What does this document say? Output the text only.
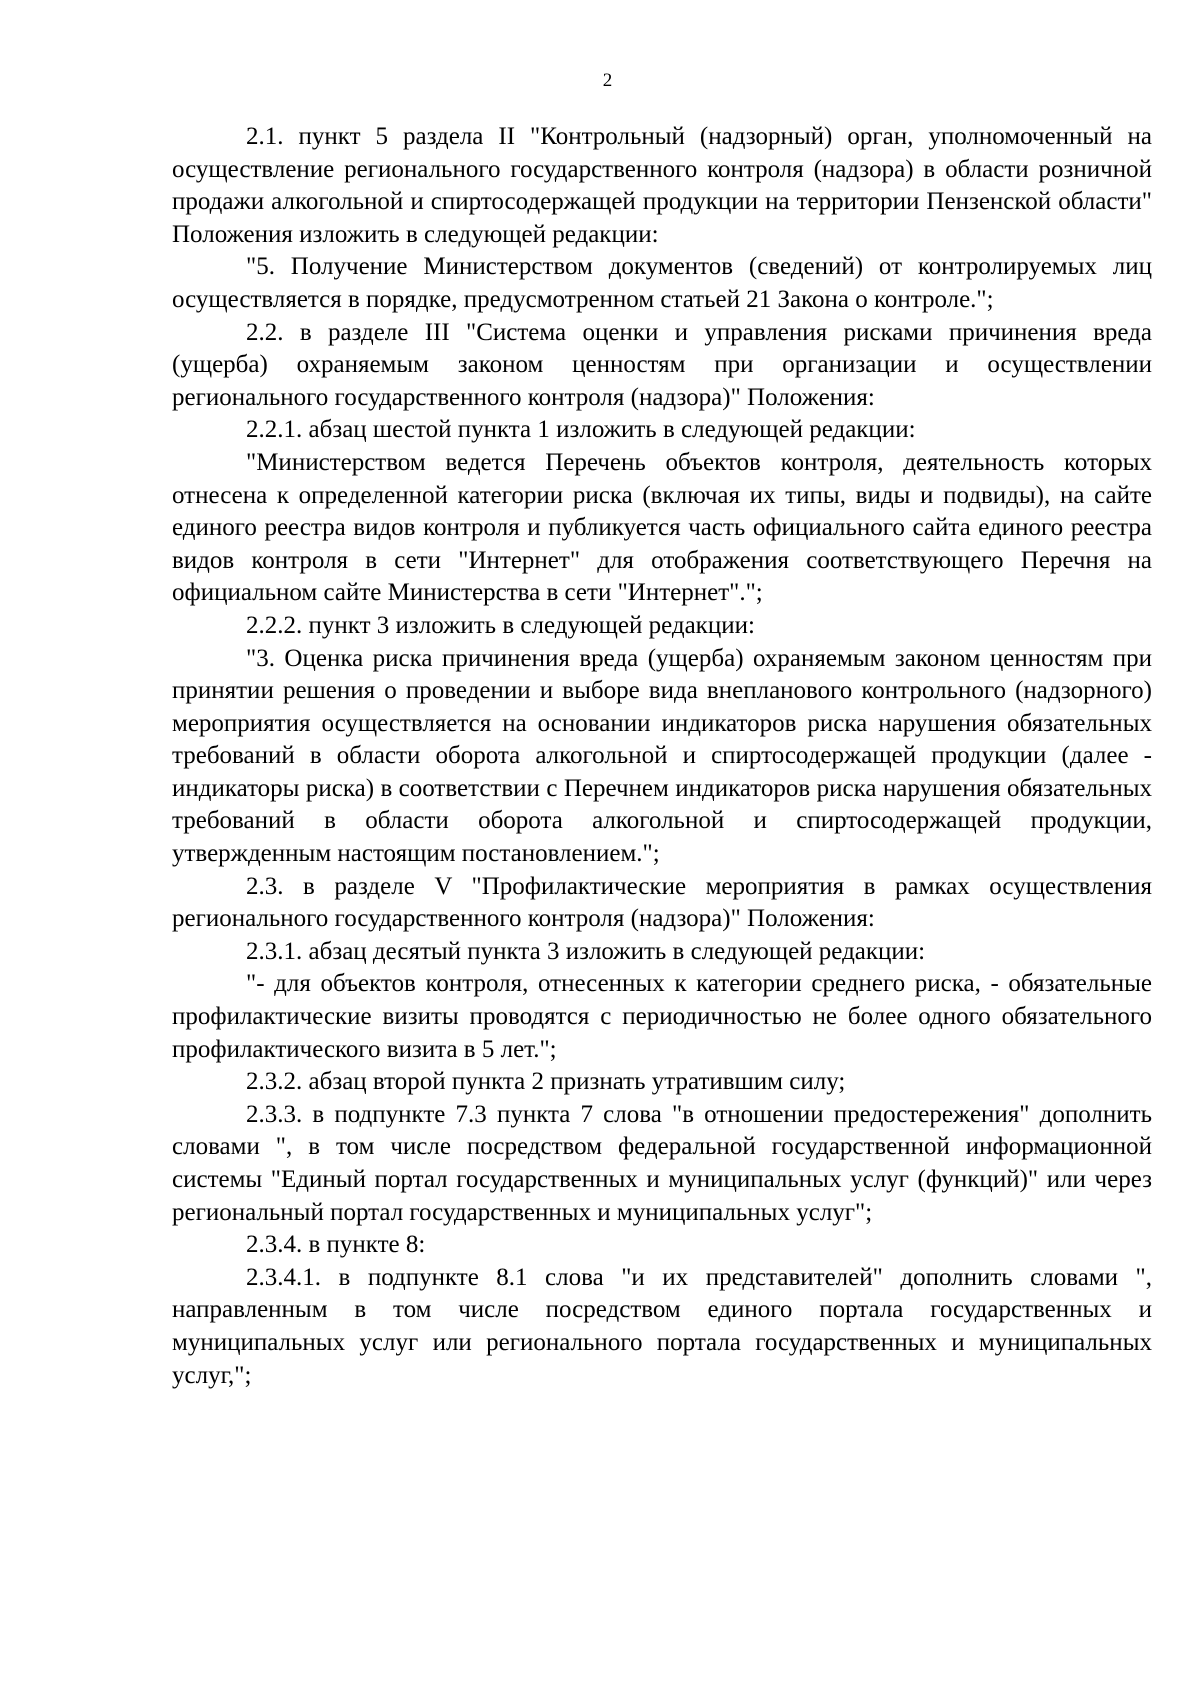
2

2.1. пункт 5 раздела II "Контрольный (надзорный) орган, уполномоченный на осуществление регионального государственного контроля (надзора) в области розничной продажи алкогольной и спиртосодержащей продукции на территории Пензенской области" Положения изложить в следующей редакции:

"5. Получение Министерством документов (сведений) от контролируемых лиц осуществляется в порядке, предусмотренном статьей 21 Закона о контроле.";

2.2. в разделе III "Система оценки и управления рисками причинения вреда (ущерба) охраняемым законом ценностям при организации и осуществлении регионального государственного контроля (надзора)" Положения:

2.2.1. абзац шестой пункта 1 изложить в следующей редакции:

"Министерством ведется Перечень объектов контроля, деятельность которых отнесена к определенной категории риска (включая их типы, виды и подвиды), на сайте единого реестра видов контроля и публикуется часть официального сайта единого реестра видов контроля в сети "Интернет" для отображения соответствующего Перечня на официальном сайте Министерства в сети "Интернет".";

2.2.2. пункт 3 изложить в следующей редакции:

"3. Оценка риска причинения вреда (ущерба) охраняемым законом ценностям при принятии решения о проведении и выборе вида внепланового контрольного (надзорного) мероприятия осуществляется на основании индикаторов риска нарушения обязательных требований в области оборота алкогольной и спиртосодержащей продукции (далее - индикаторы риска) в соответствии с Перечнем индикаторов риска нарушения обязательных требований в области оборота алкогольной и спиртосодержащей продукции, утвержденным настоящим постановлением.";

2.3. в разделе V "Профилактические мероприятия в рамках осуществления регионального государственного контроля (надзора)" Положения:

2.3.1. абзац десятый пункта 3 изложить в следующей редакции:

"- для объектов контроля, отнесенных к категории среднего риска, - обязательные профилактические визиты проводятся с периодичностью не более одного обязательного профилактического визита в 5 лет.";

2.3.2. абзац второй пункта 2 признать утратившим силу;

2.3.3. в подпункте 7.3 пункта 7 слова "в отношении предостережения" дополнить словами ", в том числе посредством федеральной государственной информационной системы "Единый портал государственных и муниципальных услуг (функций)" или через региональный портал государственных и муниципальных услуг";

2.3.4. в пункте 8:

2.3.4.1. в подпункте 8.1 слова "и их представителей" дополнить словами ", направленным в том числе посредством единого портала государственных и муниципальных услуг или регионального портала государственных и муниципальных услуг,";
